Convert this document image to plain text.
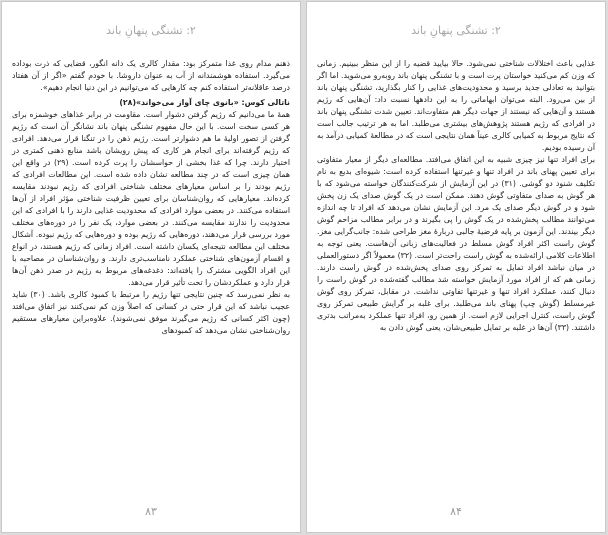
۲: تشنگی پنهانِ باند

ذهنم مدام روی غذا متمرکز بود: مقدار کالری یک دانه انگور، قضایی که ذرت بوداده می‌گیرد. استفاده هوشمندانه از آب به عنوان داروشا. با خودم گفتم «اگر از آن هفتاد درصد عاقلانه‌تر استفاده کنم چه کارهایی که می‌توانیم در این دنیا انجام دهیم».

ناتالی کوس: «بانوی چای آواز می‌خواند»(۲۸)

همهٔ ما می‌دانیم که رژیم گرفتن دشوار است. مقاومت در برابر غذاهای خوشمزه برای هر کسی سخت است. با این حال مفهوم تشنگی پنهان باند نشانگر آن است که رژیم گرفتن از تصور اولیهٔ ما هم دشوارتر است. رژیم ذهن را در تنگنا قرار می‌دهد. افرادی که رژیم گرفته‌اند برای انجام هر کاری که پیش رویشان باشد منابع ذهنی کمتری در اختیار دارند. چرا که غذا بخشی از حواسشان را پرت کرده است. (۲۹) در واقع این همان چیزی است که در چند مطالعه نشان داده شده است. این مطالعات افرادی که رژیم بودند را بر اساس معیارهای مختلف شناختی افرادی که رژیم نبودند مقایسه کرده‌اند. معیارهایی که روان‌شناسان برای تعیین ظرفیت شناختی مؤثر افراد از آن‌ها استفاده می‌کنند. در بعضی موارد افرادی که محدودیت غذایی دارند را با افرادی که این محدودیت را ندارند مقایسه می‌کنند. در بعضی موارد، یک نفر را در دوره‌های مختلف مورد بررسی قرار می‌دهند، دوره‌هایی که رژیم بوده و دوره‌هایی که رژیم نبوده. آشکال مختلف این مطالعه نتیجه‌ای یکسان داشته است. افراد زمانی که رژیم هستند، در انواع و اقسام آزمون‌های شناختی عملکرد نامناسب‌تری دارند. و روان‌شناسان در مصاحبه با این افراد الگویی مشترک را یافته‌اند: دغدغه‌های مربوط به رژیم در صدر ذهن آن‌ها قرار دارد و عملکردشان را تحت تأثیر قرار می‌دهد.

به نظر نمی‌رسد که چنین نتایجی تنها رژیم را مرتبط با کمبود کالری باشد. (۳۰) شاید عجیب نباشد که این قرار حتی در کسانی که اصلاً وزن کم نمی‌کنند نیز اتفاق می‌افتد (چون اکثر کسانی که رژیم می‌گیرند موفق نمی‌شوند). علاوه‌براین معیارهای مستقیم روان‌شناختی نشان می‌دهد که کمبودهای

۸۳
۲: تشنگی پنهانِ باند

غذایی باعث اختلالات شناختی نمی‌شود. حالا بیایید قضیه را از این منظر ببینیم. زمانی که وزن کم می‌کنید خواستان پرت است و با تشنگی پنهان باند روبه‌رو می‌شوید. اما اگر بتوانید به تعادلی جدید برسید و محدودیت‌های غذایی را کنار بگذارید، تشنگی پنهان باند از بین می‌رود. البته می‌توان ابهاماتی را به این دادهها نسبت داد: آن‌هایی که رژیم هستند و آن‌هایی که نیستند از جهات دیگر هم متفاوت‌اند. تعیین شدت تشنگی پنهان باند در افرادی که رژیم هستند پژوهش‌های بیشتری می‌طلبد. اما به هر ترتیب جالب است که نتایج مربوط به کمیابی کالری عیناً همان نتایجی است که در مطالعهٔ کمیابی درآمد به آن رسیده بودیم.

برای افراد تنها نیز چیزی شبیه به این اتفاق می‌افتد. مطالعه‌ای دیگر از معیار متفاوتی برای تعیین پهنای باند در افراد تنها و غیرتنها استفاده کرده است: شیوه‌ای بدیع به نام تکلیف شنود دو گوشی. (۳۱) در این آزمایش از شرکت‌کنندگان خواسته می‌شود که با هر گوش به صدای متفاوتی گوش دهند. ممکن است در یک گوش صدای یک زن پخش شود و در گوش دیگر صدای یک مرد. این آزمایش نشان می‌دهد که افراد تا چه اندازه می‌توانند مطالب پخش‌شده در یک گوش را پی بگیرند و در برابر مطالب مزاحم گوش دیگر بیندند. این آزمون بر پایه فرضیهٔ جالبی دربارهٔ مغز طراحی شده: جانب‌گرایی مغز. گوش راست اکثر افراد گوش مسلط در فعالیت‌های زبانی آن‌هاست. یعنی توجه به اطلاعات کلامی ارائه‌شده به گوش راست راحت‌تر است. (۳۲) معمولاً اگر دستورالعملی در میان نباشد افراد تمایل به تمرکز روی صدای پخش‌شده در گوش راست دارند. زمانی هم که از افراد مورد آزمایش خواسته شد مطالب گفته‌شده در گوش راست را دنبال کنند، عملکرد افراد تنها و غیرتنها تفاوتی نداشت. در مقابل، تمرکز روی گوش غیرمسلط (گوش چپ) پهنای باند می‌طلبد. برای غلبه بر گرایش طبیعی تمرکز روی گوش راست، کنترل اجرایی لازم است. از همین رو، افراد تنها عملکرد به‌مراتب بدتری داشتند. (۳۳) آن‌ها در غلبه بر تمایل طبیعی‌شان، یعنی گوش دادن به

۸۴
